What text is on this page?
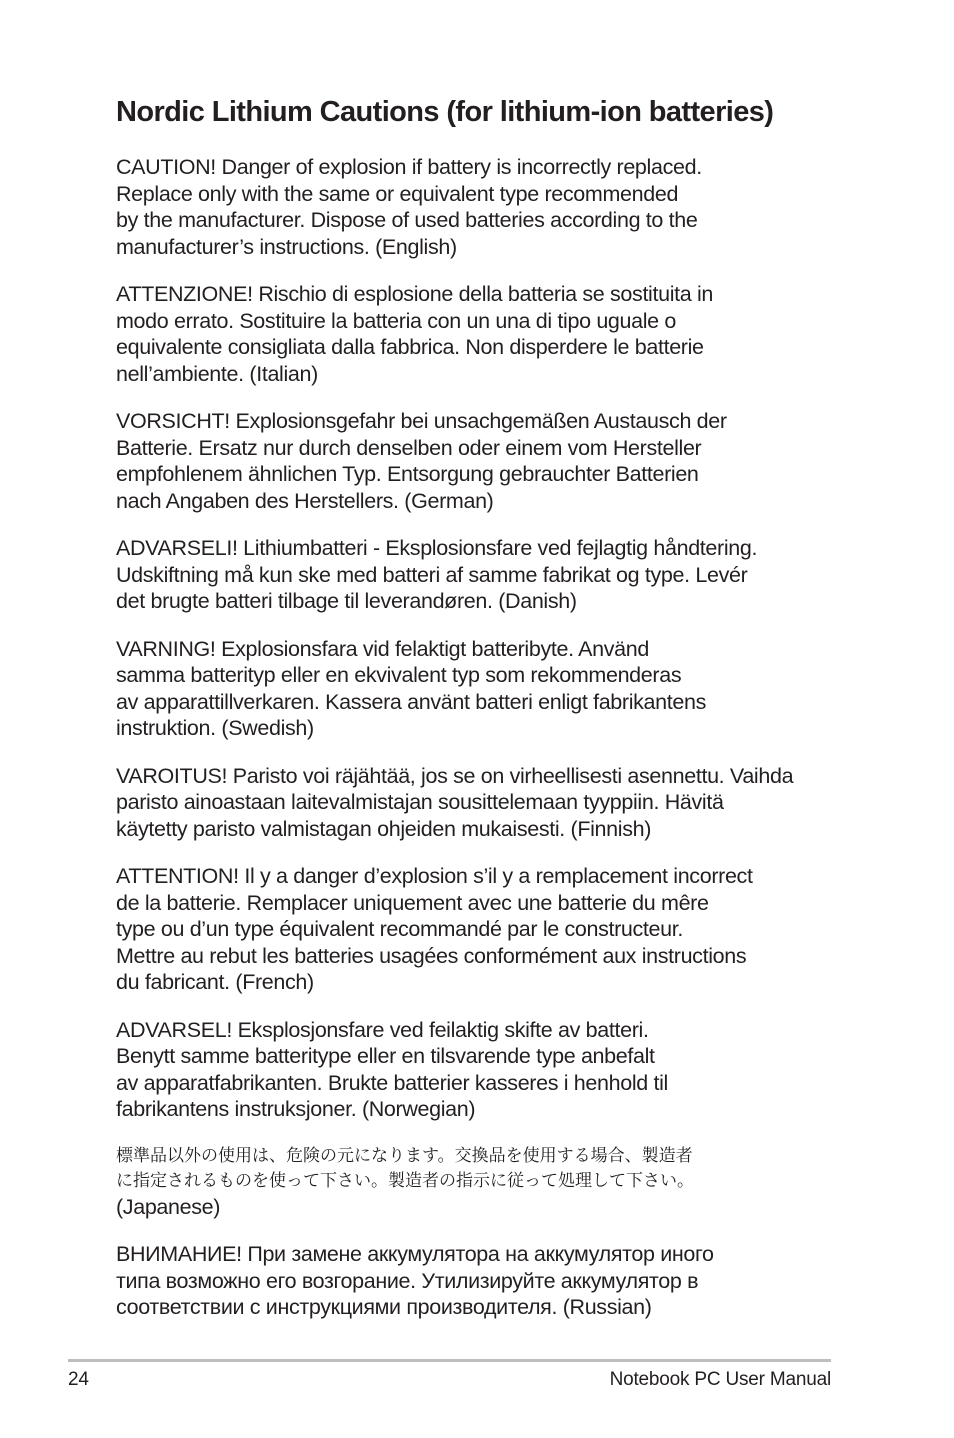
Nordic Lithium Cautions (for lithium-ion batteries)

CAUTION! Danger of explosion if battery is incorrectly replaced.
Replace only with the same or equivalent type recommended
by the manufacturer. Dispose of used batteries according to the
manufacturer’s instructions. (English)

ATTENZIONE! Rischio di esplosione della batteria se sostituita in
modo errato. Sostituire la batteria con un una di tipo uguale o
equivalente consigliata dalla fabbrica. Non disperdere le batterie
nell’ambiente. (Italian)

VORSICHT! Explosionsgefahr bei unsachgemäßen Austausch der
Batterie. Ersatz nur durch denselben oder einem vom Hersteller
empfohlenem ähnlichen Typ. Entsorgung gebrauchter Batterien
nach Angaben des Herstellers. (German)

ADVARSELI! Lithiumbatteri - Eksplosionsfare ved fejlagtig håndtering.
Udskiftning må kun ske med batteri af samme fabrikat og type. Levér
det brugte batteri tilbage til leverandøren. (Danish)

VARNING! Explosionsfara vid felaktigt batteribyte. Använd
samma batterityp eller en ekvivalent typ som rekommenderas
av apparattillverkaren. Kassera använt batteri enligt fabrikantens
instruktion. (Swedish)

VAROITUS! Paristo voi räjähtää, jos se on virheellisesti asennettu. Vaihda
paristo ainoastaan laitevalmistajan sousittelemaan tyyppiin. Hävitä
käytetty paristo valmistagan ohjeiden mukaisesti. (Finnish)

ATTENTION! Il y a danger d’explosion s’il y a remplacement incorrect
de la batterie. Remplacer uniquement avec une batterie du mêre
type ou d’un type équivalent recommandé par le constructeur.
Mettre au rebut les batteries usagées conformément aux instructions
du fabricant. (French)

ADVARSEL! Eksplosjonsfare ved feilaktig skifte av batteri.
Benytt samme batteritype eller en tilsvarende type anbefalt
av apparatfabrikanten. Brukte batterier kasseres i henhold til
fabrikantens instruksjoner. (Norwegian)

標準品以外の使用は、危険の元になります。交換品を使用する場合、製造者
に指定されるものを使って下さい。製造者の指示に従って処理して下さい。
(Japanese)

ВНИМАНИЕ! При замене аккумулятора на аккумулятор иного
типа возможно его возгорание. Утилизируйте аккумулятор в
соответствии с инструкциями производителя. (Russian)

24	Notebook PC User Manual
